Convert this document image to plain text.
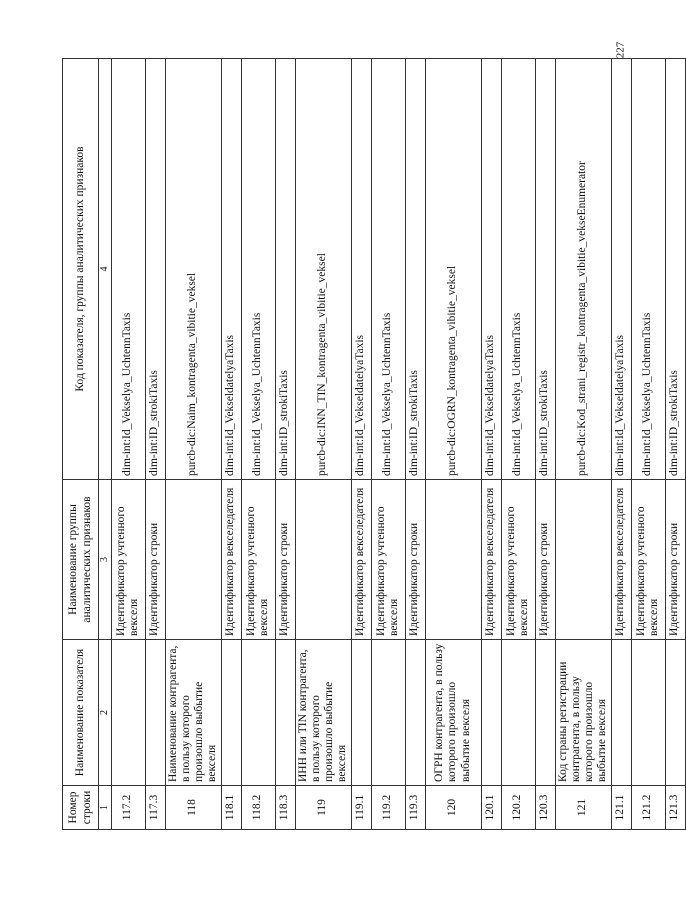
227
Номер строки	Наименование показателя	Наименование группы аналитических признаков	Код показателя, группы аналитических признаков
1	2	3	4
117.2		Идентификатор учтенного векселя	dim-int:Id_Vekselya_UchtennTaxis
117.3		Идентификатор строки	dim-int:ID_strokiTaxis
118	Наименование контрагента, в пользу которого произошло выбытие векселя		purcb-dic:Naim_kontragenta_vibitie_veksel
118.1		Идентификатор векселедателя	dim-int:Id_VekseldatelyaTaxis
118.2		Идентификатор учтенного векселя	dim-int:Id_Vekselya_UchtennTaxis
118.3		Идентификатор строки	dim-int:ID_strokiTaxis
119	ИНН или TIN контрагента, в пользу которого произошло выбытие векселя		purcb-dic:INN_TIN_kontragenta_vibitie_veksel
119.1		Идентификатор векселедателя	dim-int:Id_VekseldatelyaTaxis
119.2		Идентификатор учтенного векселя	dim-int:Id_Vekselya_UchtennTaxis
119.3		Идентификатор строки	dim-int:ID_strokiTaxis
120	ОГРН контрагента, в пользу которого произошло выбытие векселя		purcb-dic:OGRN_kontragenta_vibitie_veksel
120.1		Идентификатор векселедателя	dim-int:Id_VekseldatelyaTaxis
120.2		Идентификатор учтенного векселя	dim-int:Id_Vekselya_UchtennTaxis
120.3		Идентификатор строки	dim-int:ID_strokiTaxis
121	Код страны регистрации контрагента, в пользу которого произошло выбытие векселя		purcb-dic:Kod_strani_registr_kontragenta_vibitie_vekseEnumerator
121.1		Идентификатор векселедателя	dim-int:Id_VekseldatelyaTaxis
121.2		Идентификатор учтенного векселя	dim-int:Id_Vekselya_UchtennTaxis
121.3		Идентификатор строки	dim-int:ID_strokiTaxis
